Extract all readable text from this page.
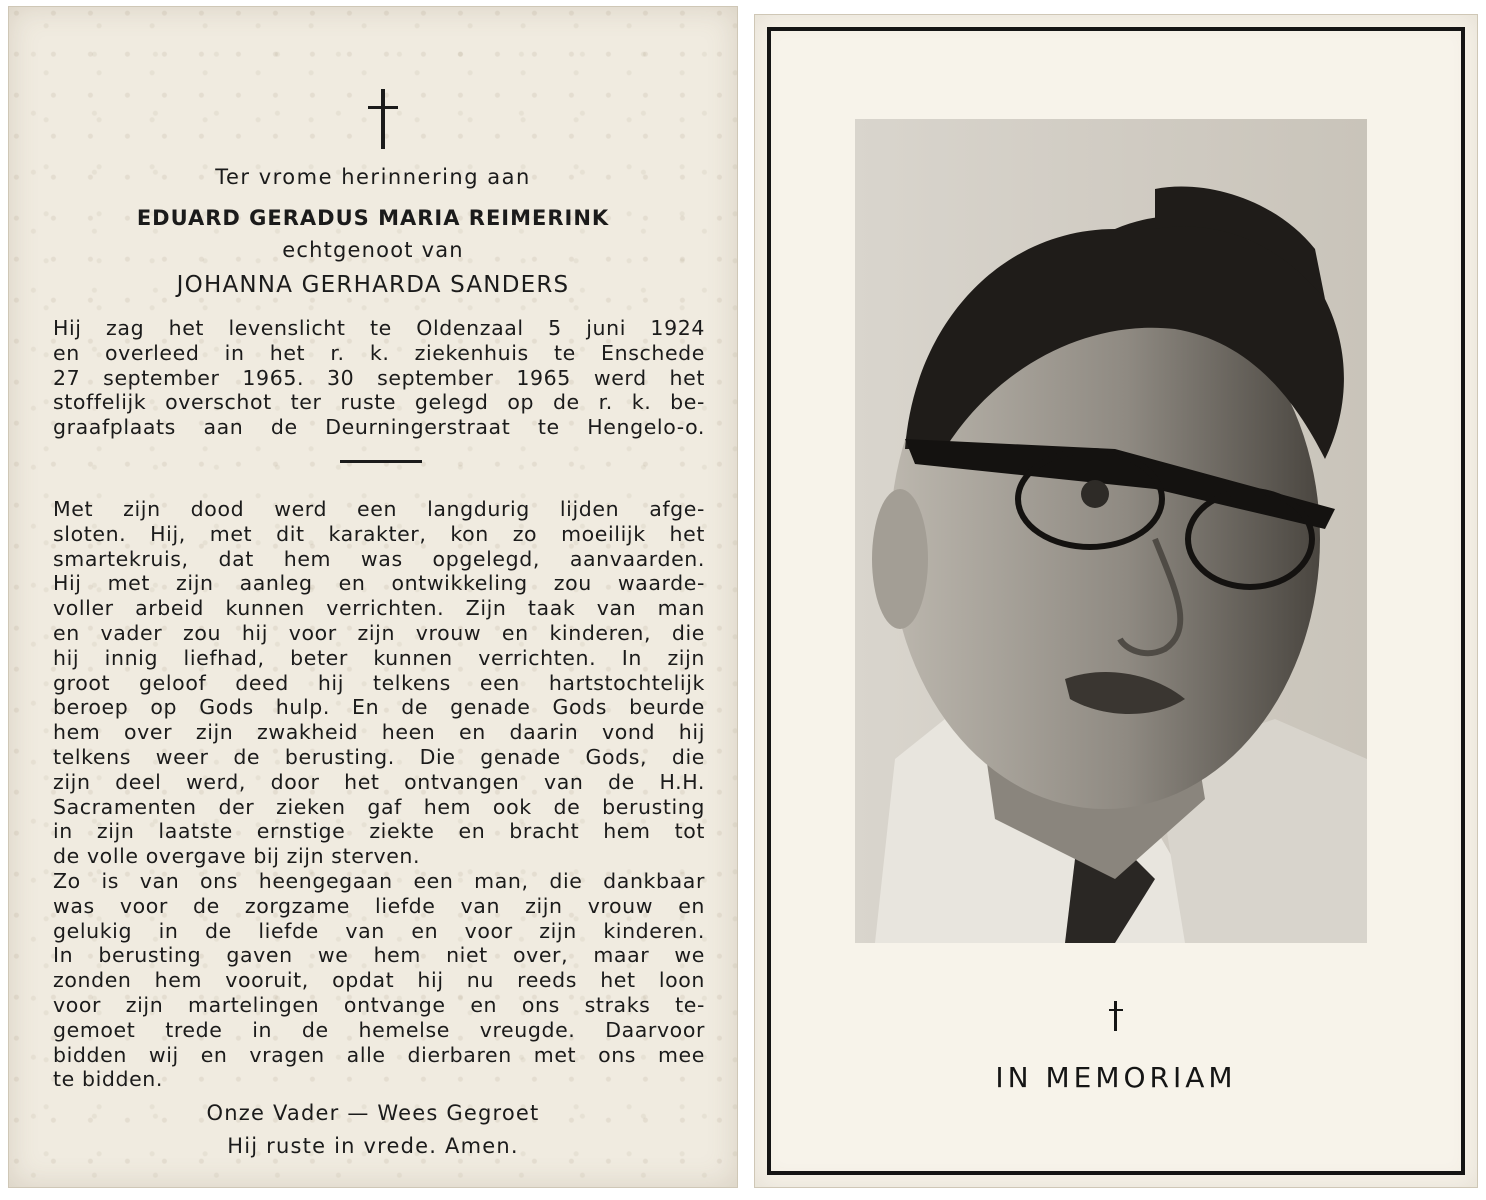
Ter vrome herinnering aan
EDUARD GERADUS MARIA REIMERINK
echtgenoot van
JOHANNA GERHARDA SANDERS
Hij zag het levenslicht te Oldenzaal 5 juni 1924
en overleed in het r. k. ziekenhuis te Enschede
27 september 1965. 30 september 1965 werd het
stoffelijk overschot ter ruste gelegd op de r. k. be-
graafplaats aan de Deurningerstraat te Hengelo-o.
Met zijn dood werd een langdurig lijden afge-
sloten. Hij, met dit karakter, kon zo moeilijk het
smartekruis, dat hem was opgelegd, aanvaarden.
Hij met zijn aanleg en ontwikkeling zou waarde-
voller arbeid kunnen verrichten. Zijn taak van man
en vader zou hij voor zijn vrouw en kinderen, die
hij innig liefhad, beter kunnen verrichten. In zijn
groot geloof deed hij telkens een hartstochtelijk
beroep op Gods hulp. En de genade Gods beurde
hem over zijn zwakheid heen en daarin vond hij
telkens weer de berusting. Die genade Gods, die
zijn deel werd, door het ontvangen van de H.H.
Sacramenten der zieken gaf hem ook de berusting
in zijn laatste ernstige ziekte en bracht hem tot
de volle overgave bij zijn sterven.
Zo is van ons heengegaan een man, die dankbaar
was voor de zorgzame liefde van zijn vrouw en
gelukig in de liefde van en voor zijn kinderen.
In berusting gaven we hem niet over, maar we
zonden hem vooruit, opdat hij nu reeds het loon
voor zijn martelingen ontvange en ons straks te-
gemoet trede in de hemelse vreugde. Daarvoor
bidden wij en vragen alle dierbaren met ons mee
te bidden.
Onze Vader — Wees Gegroet
Hij ruste in vrede. Amen.
IN MEMORIAM
